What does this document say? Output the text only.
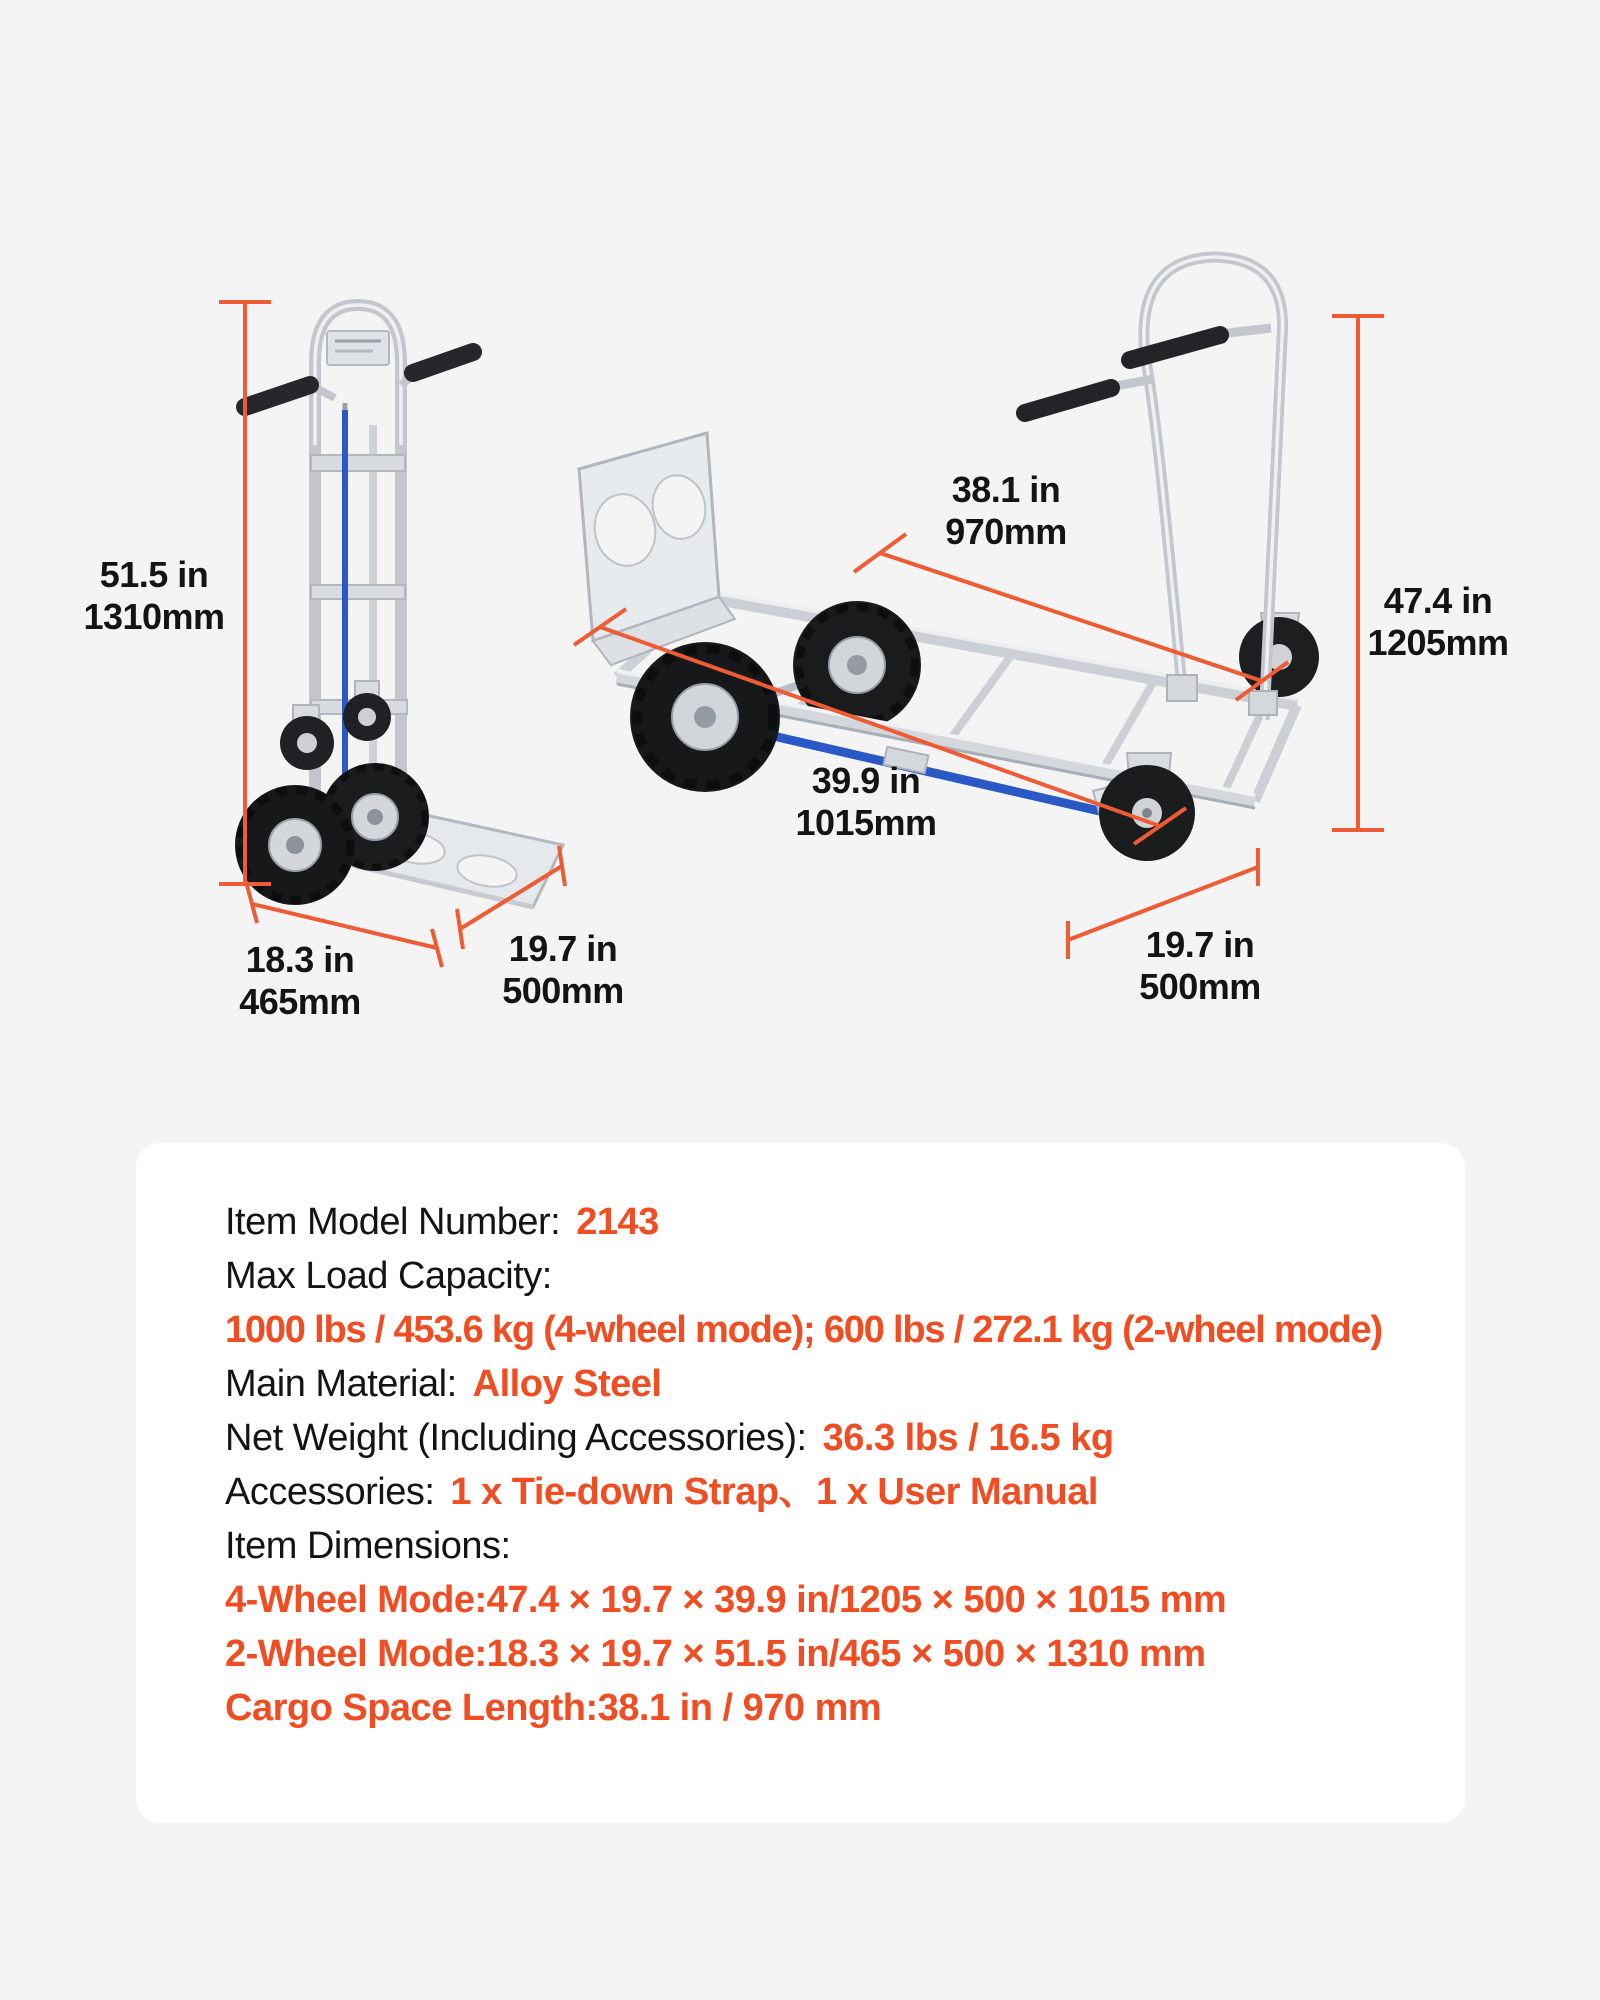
51.5 in
1310mm
18.3 in
465mm
19.7 in
500mm
38.1 in
970mm
47.4 in
1205mm
39.9 in
1015mm
19.7 in
500mm
Item Model Number: 2143
Max Load Capacity:
1000 lbs / 453.6 kg (4-wheel mode); 600 lbs / 272.1 kg (2-wheel mode)
Main Material: Alloy Steel
Net Weight (Including Accessories): 36.3 lbs / 16.5 kg
Accessories: 1 x Tie-down Strap、1 x User Manual
Item Dimensions:
4-Wheel Mode:47.4 × 19.7 × 39.9 in/1205 × 500 × 1015 mm
2-Wheel Mode:18.3 × 19.7 × 51.5 in/465 × 500 × 1310 mm
Cargo Space Length:38.1 in / 970 mm
